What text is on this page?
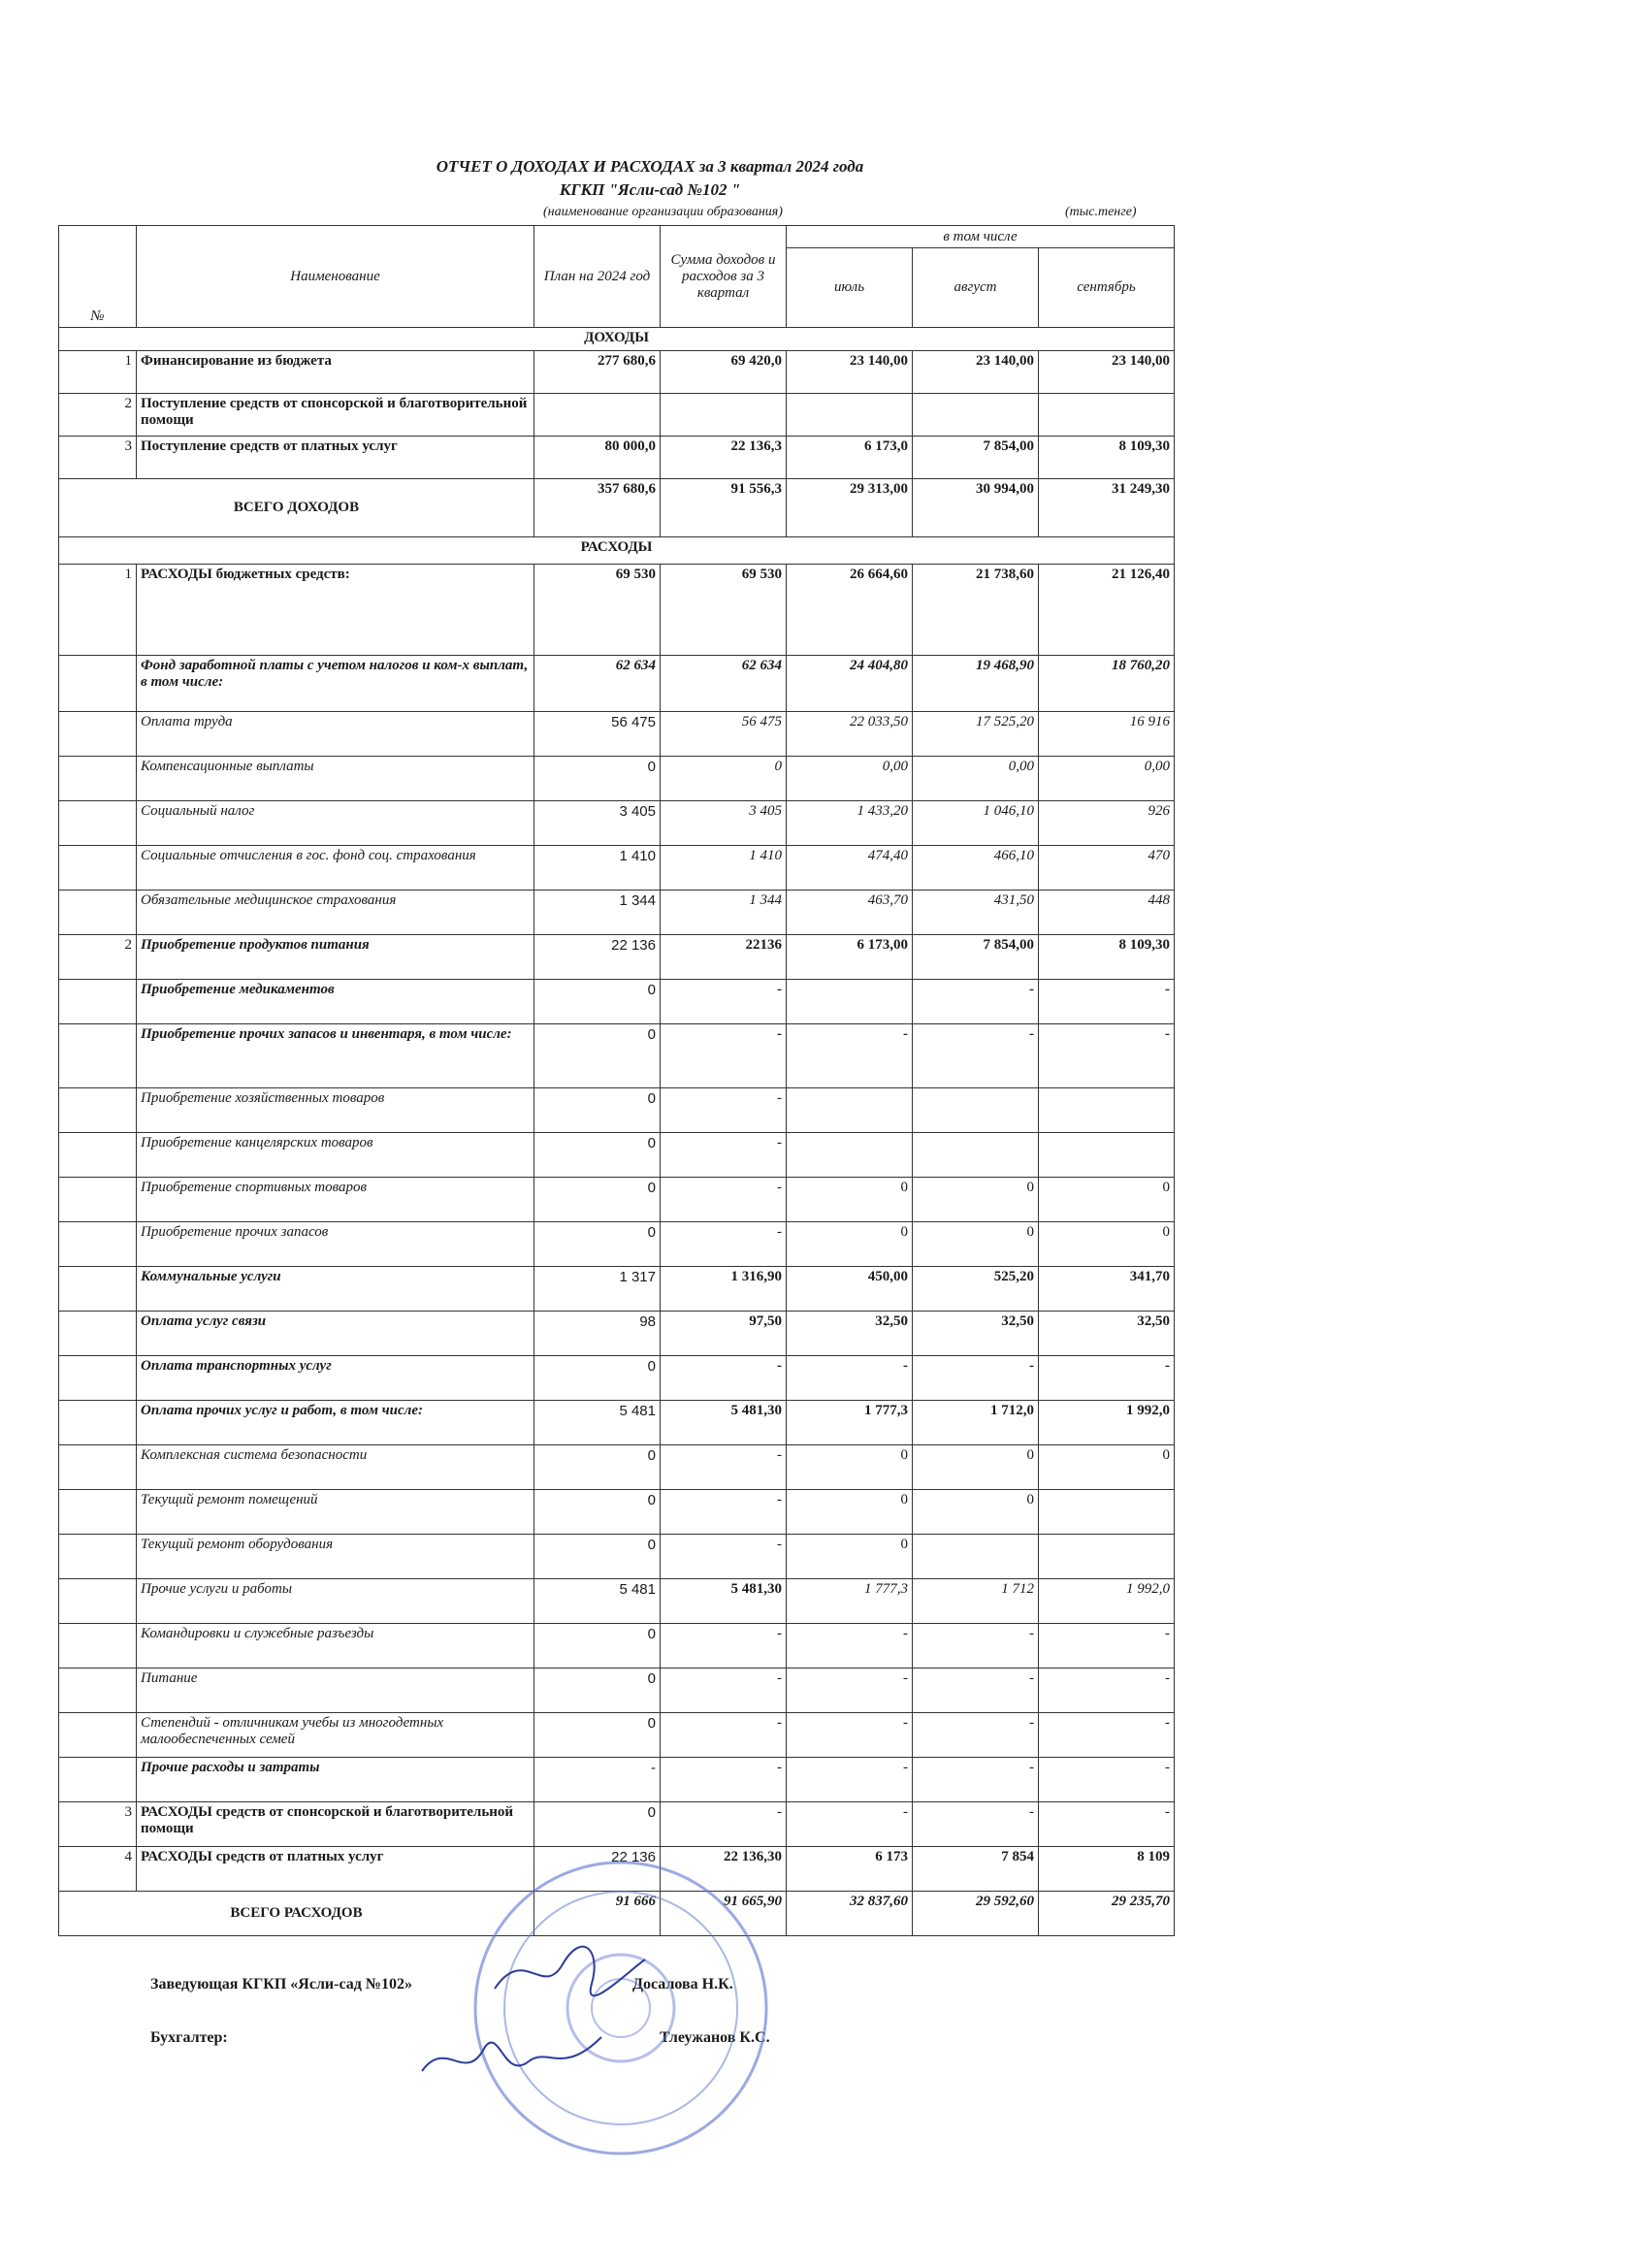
ОТЧЕТ О ДОХОДАХ И РАСХОДАХ за 3 квартал 2024 года
КГКП "Ясли-сад №102 "
(наименование организации образования)	(тыс.тенге)
№	Наименование	План на 2024 год	Сумма доходов и расходов за 3 квартал	в том числе		
				июль	август	сентябрь
ДОХОДЫ						
1	Финансирование из бюджета	277 680,6	69 420,0	23 140,00	23 140,00	23 140,00
2	Поступление средств от спонсорской и благотворительной помощи					
3	Поступление средств от платных услуг	80 000,0	22 136,3	6 173,0	7 854,00	8 109,30
ВСЕГО ДОХОДОВ		357 680,6	91 556,3	29 313,00	30 994,00	31 249,30
РАСХОДЫ						
1	РАСХОДЫ бюджетных средств:	69 530	69 530	26 664,60	21 738,60	21 126,40
	Фонд заработной платы с учетом налогов и ком-х выплат, в том числе:	62 634	62 634	24 404,80	19 468,90	18 760,20
	Оплата труда	56 475	56 475	22 033,50	17 525,20	16 916
	Компенсационные выплаты	0	0	0,00	0,00	0,00
	Социальный налог	3 405	3 405	1 433,20	1 046,10	926
	Социальные отчисления в гос. фонд соц. страхования	1 410	1 410	474,40	466,10	470
	Обязательные медицинское страхования	1 344	1 344	463,70	431,50	448
2	Приобретение продуктов питания	22 136	22136	6 173,00	7 854,00	8 109,30
	Приобретение медикаментов	0	-		-	-
	Приобретение прочих запасов и инвентаря, в том числе:	0	-	-	-	-
	Приобретение хозяйственных товаров	0	-			
	Приобретение канцелярских товаров	0	-			
	Приобретение спортивных товаров	0	-	0	0	0
	Приобретение прочих запасов	0	-	0	0	0
	Коммунальные услуги	1 317	1 316,90	450,00	525,20	341,70
	Оплата услуг связи	98	97,50	32,50	32,50	32,50
	Оплата транспортных услуг	0	-	-	-	-
	Оплата прочих услуг и работ, в том числе:	5 481	5 481,30	1 777,3	1 712,0	1 992,0
	Комплексная система безопасности	0	-	0	0	0
	Текущий ремонт помещений	0	-	0	0	
	Текущий ремонт оборудования	0	-	0		
	Прочие услуги и работы	5 481	5 481,30	1 777,3	1 712	1 992,0
	Командировки и служебные разъезды	0	-	-	-	-
	Питание	0	-	-	-	-
	Степендий - отличникам учебы из многодетных малообеспеченных семей	0	-	-	-	-
	Прочие расходы и затраты	-	-	-	-	-
3	РАСХОДЫ средств от спонсорской и благотворительной помощи	0	-	-	-	-
4	РАСХОДЫ средств от платных услуг	22 136	22 136,30	6 173	7 854	8 109
ВСЕГО РАСХОДОВ		91 666	91 665,90	32 837,60	29 592,60	29 235,70
Заведующая КГКП «Ясли-сад №102»	Досалова Н.К.
Бухгалтер:	Тлеужанов К.С.
